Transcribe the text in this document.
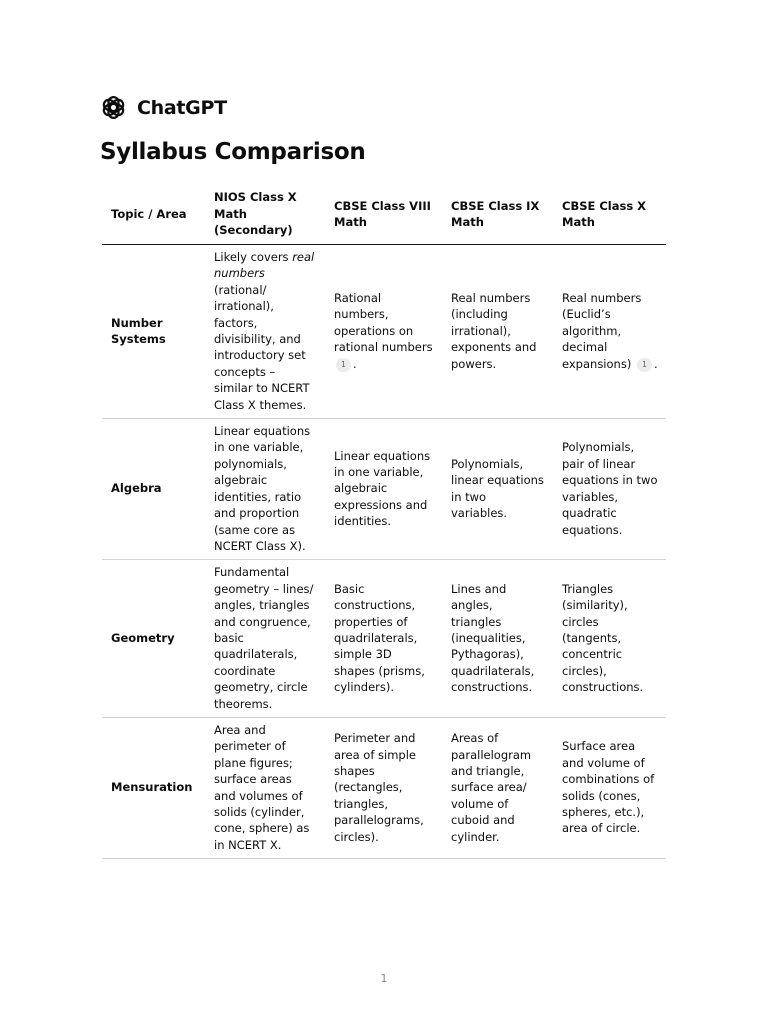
ChatGPT
Syllabus Comparison
Topic / Area	NIOS Class X Math (Secondary)	CBSE Class VIII Math	CBSE Class IX Math	CBSE Class X Math
Number Systems	Likely covers real numbers (rational/ irrational), factors, divisibility, and introductory set concepts – similar to NCERT Class X themes.	Rational numbers, operations on rational numbers 1 .	Real numbers (including irrational), exponents and powers.	Real numbers (Euclid’s algorithm, decimal expansions) 1 .
Algebra	Linear equations in one variable, polynomials, algebraic identities, ratio and proportion (same core as NCERT Class X).	Linear equations in one variable, algebraic expressions and identities.	Polynomials, linear equations in two variables.	Polynomials, pair of linear equations in two variables, quadratic equations.
Geometry	Fundamental geometry – lines/ angles, triangles and congruence, basic quadrilaterals, coordinate geometry, circle theorems.	Basic constructions, properties of quadrilaterals, simple 3D shapes (prisms, cylinders).	Lines and angles, triangles (inequalities, Pythagoras), quadrilaterals, constructions.	Triangles (similarity), circles (tangents, concentric circles), constructions.
Mensuration	Area and perimeter of plane figures; surface areas and volumes of solids (cylinder, cone, sphere) as in NCERT X.	Perimeter and area of simple shapes (rectangles, triangles, parallelograms, circles).	Areas of parallelogram and triangle, surface area/ volume of cuboid and cylinder.	Surface area and volume of combinations of solids (cones, spheres, etc.), area of circle.
1
